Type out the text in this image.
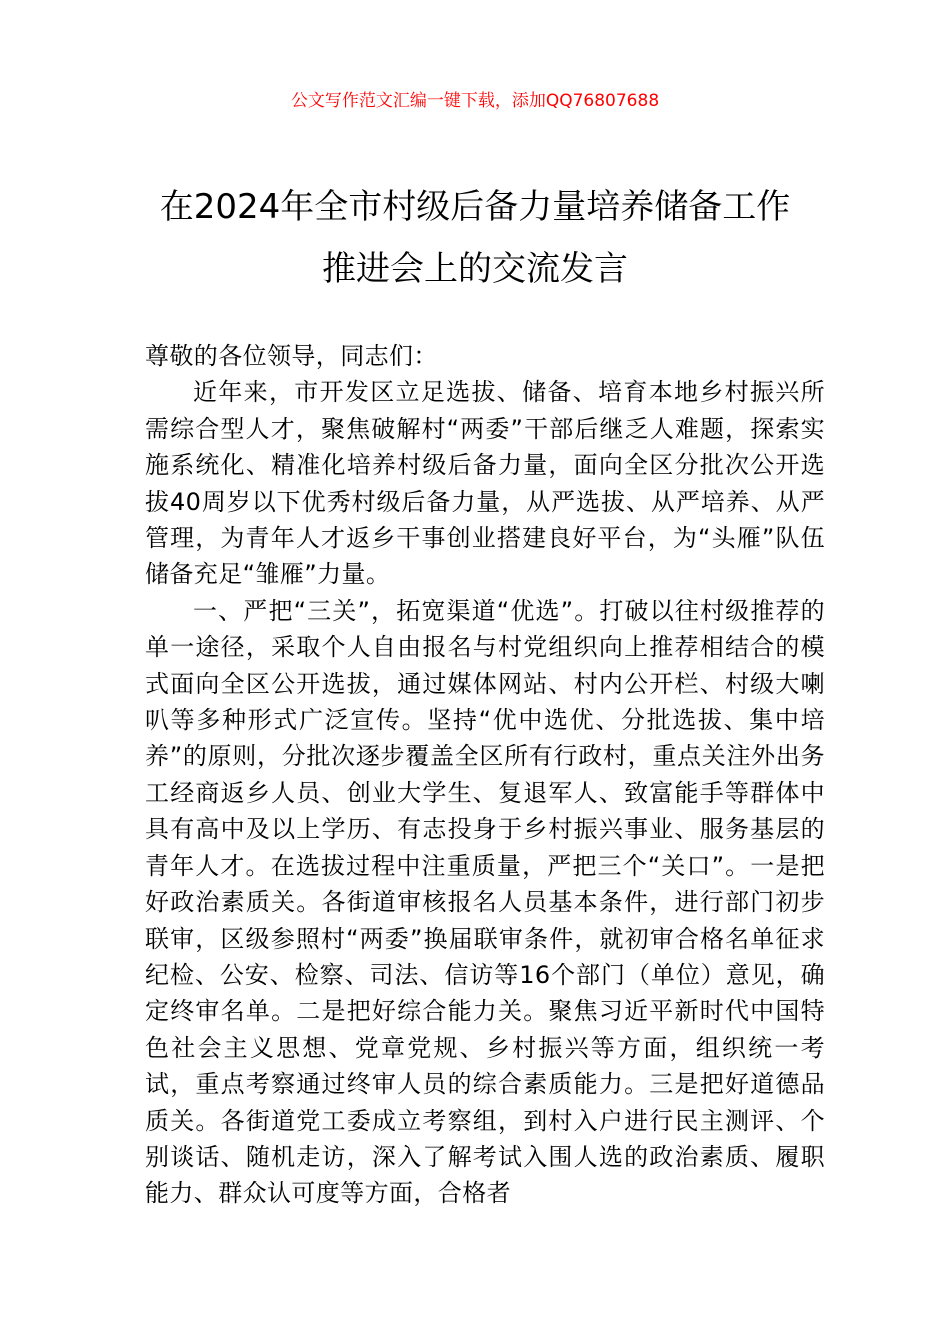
公文写作范文汇编一键下载，添加QQ76807688
在2024年全市村级后备力量培养储备工作
推进会上的交流发言

尊敬的各位领导，同志们：

近年来，市开发区立足选拔、储备、培育本地乡村振兴所需综合型人才，聚焦破解村“两委”干部后继乏人难题，探索实施系统化、精准化培养村级后备力量，面向全区分批次公开选拔40周岁以下优秀村级后备力量，从严选拔、从严培养、从严管理，为青年人才返乡干事创业搭建良好平台，为“头雁”队伍储备充足“雏雁”力量。

一、严把“三关”，拓宽渠道“优选”。打破以往村级推荐的单一途径，采取个人自由报名与村党组织向上推荐相结合的模式面向全区公开选拔，通过媒体网站、村内公开栏、村级大喇叭等多种形式广泛宣传。坚持“优中选优、分批选拔、集中培养”的原则，分批次逐步覆盖全区所有行政村，重点关注外出务工经商返乡人员、创业大学生、复退军人、致富能手等群体中具有高中及以上学历、有志投身于乡村振兴事业、服务基层的青年人才。在选拔过程中注重质量，严把三个“关口”。一是把好政治素质关。各街道审核报名人员基本条件，进行部门初步联审，区级参照村“两委”换届联审条件，就初审合格名单征求纪检、公安、检察、司法、信访等16个部门（单位）意见，确定终审名单。二是把好综合能力关。聚焦习近平新时代中国特色社会主义思想、党章党规、乡村振兴等方面，组织统一考试，重点考察通过终审人员的综合素质能力。三是把好道德品质关。各街道党工委成立考察组，到村入户进行民主测评、个别谈话、随机走访，深入了解考试入围人选的政治素质、履职能力、群众认可度等方面，合格者
